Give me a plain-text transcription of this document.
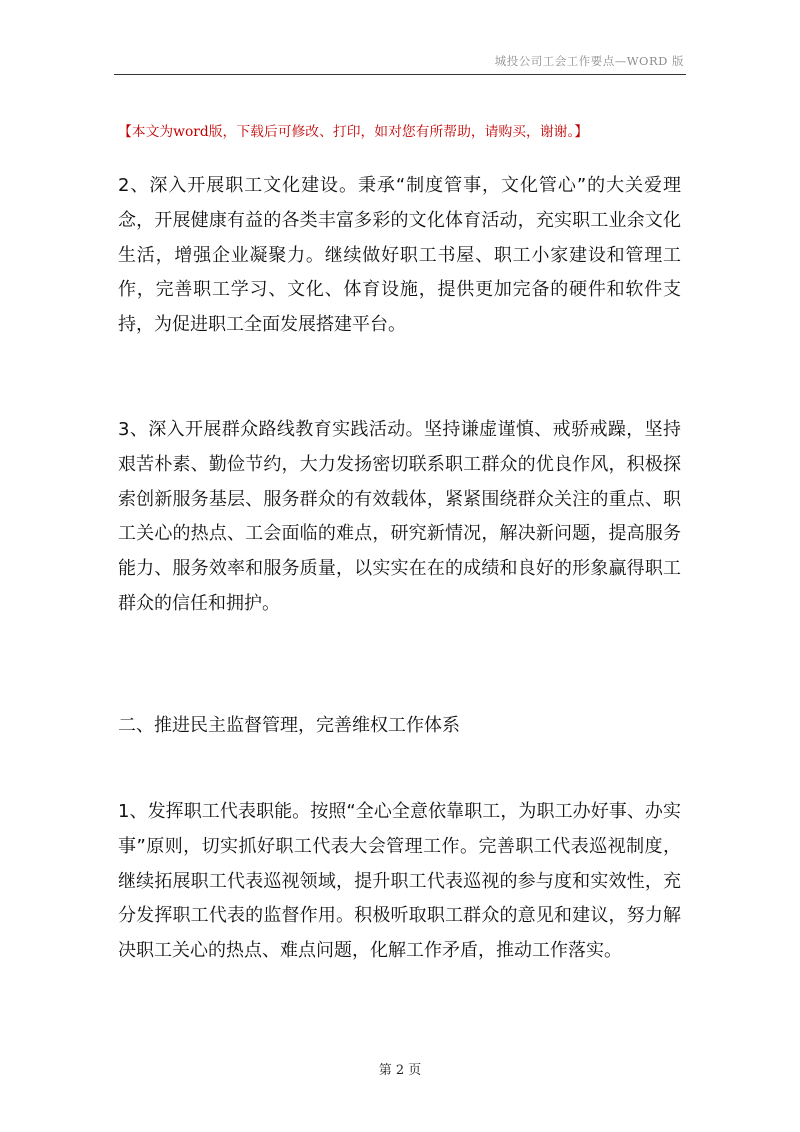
城投公司工会工作要点—WORD 版
【本文为word版，下载后可修改、打印，如对您有所帮助，请购买，谢谢。】

2、深入开展职工文化建设。秉承“制度管事，文化管心”的大关爱理念，开展健康有益的各类丰富多彩的文化体育活动，充实职工业余文化生活，增强企业凝聚力。继续做好职工书屋、职工小家建设和管理工作，完善职工学习、文化、体育设施，提供更加完备的硬件和软件支持，为促进职工全面发展搭建平台。

3、深入开展群众路线教育实践活动。坚持谦虚谨慎、戒骄戒躁，坚持艰苦朴素、勤俭节约，大力发扬密切联系职工群众的优良作风，积极探索创新服务基层、服务群众的有效载体，紧紧围绕群众关注的重点、职工关心的热点、工会面临的难点，研究新情况，解决新问题，提高服务能力、服务效率和服务质量，以实实在在的成绩和良好的形象赢得职工群众的信任和拥护。

二、推进民主监督管理，完善维权工作体系

1、发挥职工代表职能。按照“全心全意依靠职工，为职工办好事、办实事”原则，切实抓好职工代表大会管理工作。完善职工代表巡视制度，继续拓展职工代表巡视领域，提升职工代表巡视的参与度和实效性，充分发挥职工代表的监督作用。积极听取职工群众的意见和建议，努力解决职工关心的热点、难点问题，化解工作矛盾，推动工作落实。

第 2 页
